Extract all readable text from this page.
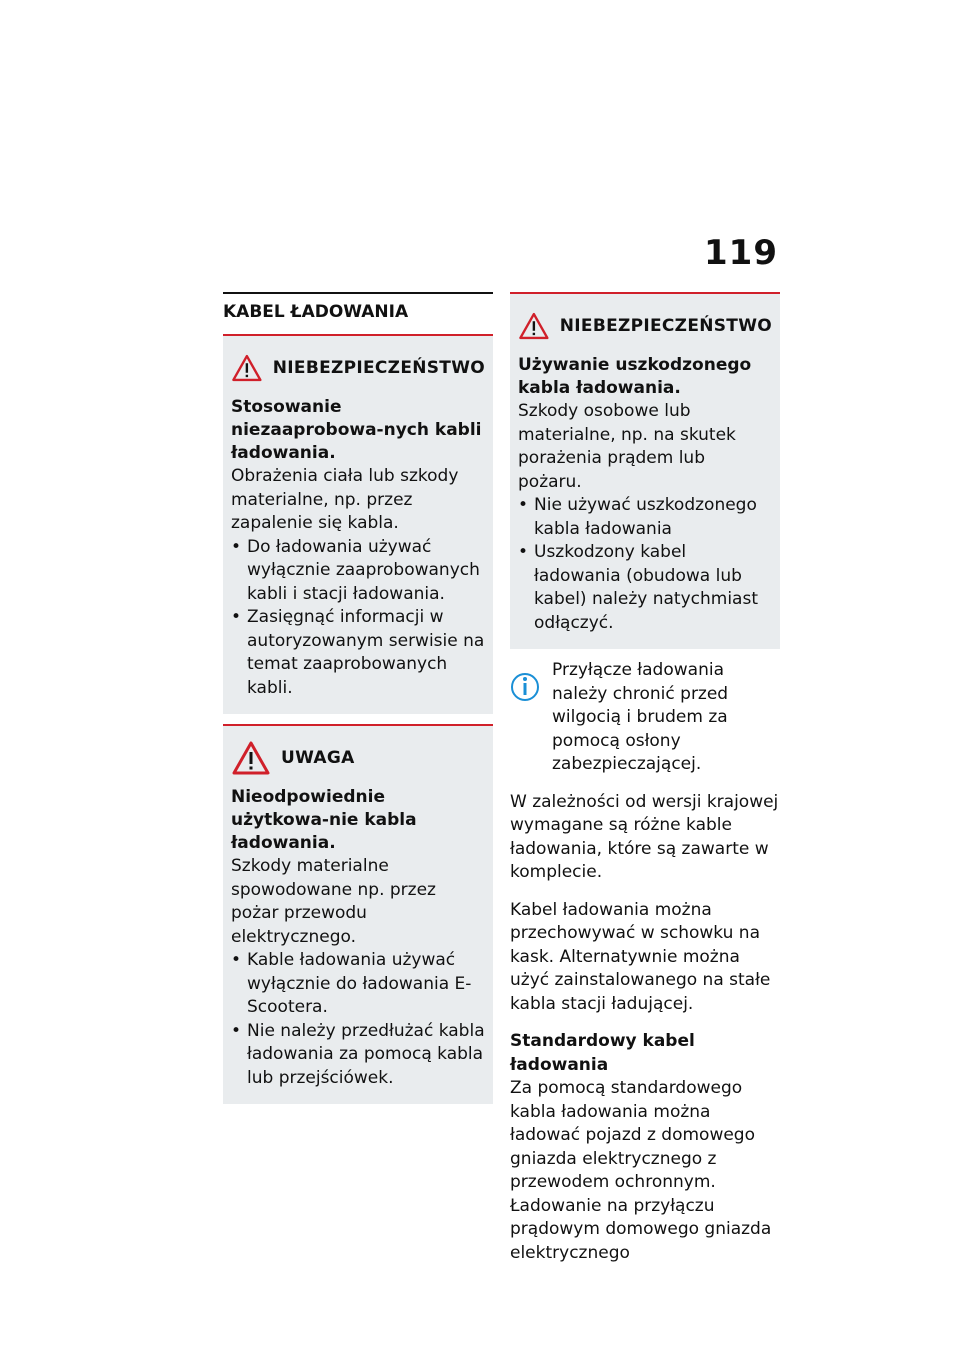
119
KABEL ŁADOWANIA
NIEBEZPIECZEŃSTWO
Stosowanie niezaaprobowa-nych kabli ładowania.
Obrażenia ciała lub szkody materialne, np. przez zapalenie się kabla.
• Do ładowania używać wyłącznie zaaprobowanych kabli i stacji ładowania.
• Zasięgnąć informacji w autoryzowanym serwisie na temat zaaprobowanych kabli.
UWAGA
Nieodpowiednie użytkowa-nie kabla ładowania.
Szkody materialne spowodowane np. przez pożar przewodu elektrycznego.
• Kable ładowania używać wyłącznie do ładowania E-Scootera.
• Nie należy przedłużać kabla ładowania za pomocą kabla lub przejściówek.
NIEBEZPIECZEŃSTWO
Używanie uszkodzonego kabla ładowania.
Szkody osobowe lub materialne, np. na skutek porażenia prądem lub pożaru.
• Nie używać uszkodzonego kabla ładowania
• Uszkodzony kabel ładowania (obudowa lub kabel) należy natychmiast odłączyć.
Przyłącze ładowania należy chronić przed wilgocią i brudem za pomocą osłony zabezpieczającej.

W zależności od wersji krajowej wymagane są różne kable ładowania, które są zawarte w komplecie.

Kabel ładowania można przechowywać w schowku na kask. Alternatywnie można użyć zainstalowanego na stałe kabla stacji ładującej.

Standardowy kabel ładowania

Za pomocą standardowego kabla ładowania można ładować pojazd z domowego gniazda elektrycznego z przewodem ochronnym. Ładowanie na przyłączu prądowym domowego gniazda elektrycznego
